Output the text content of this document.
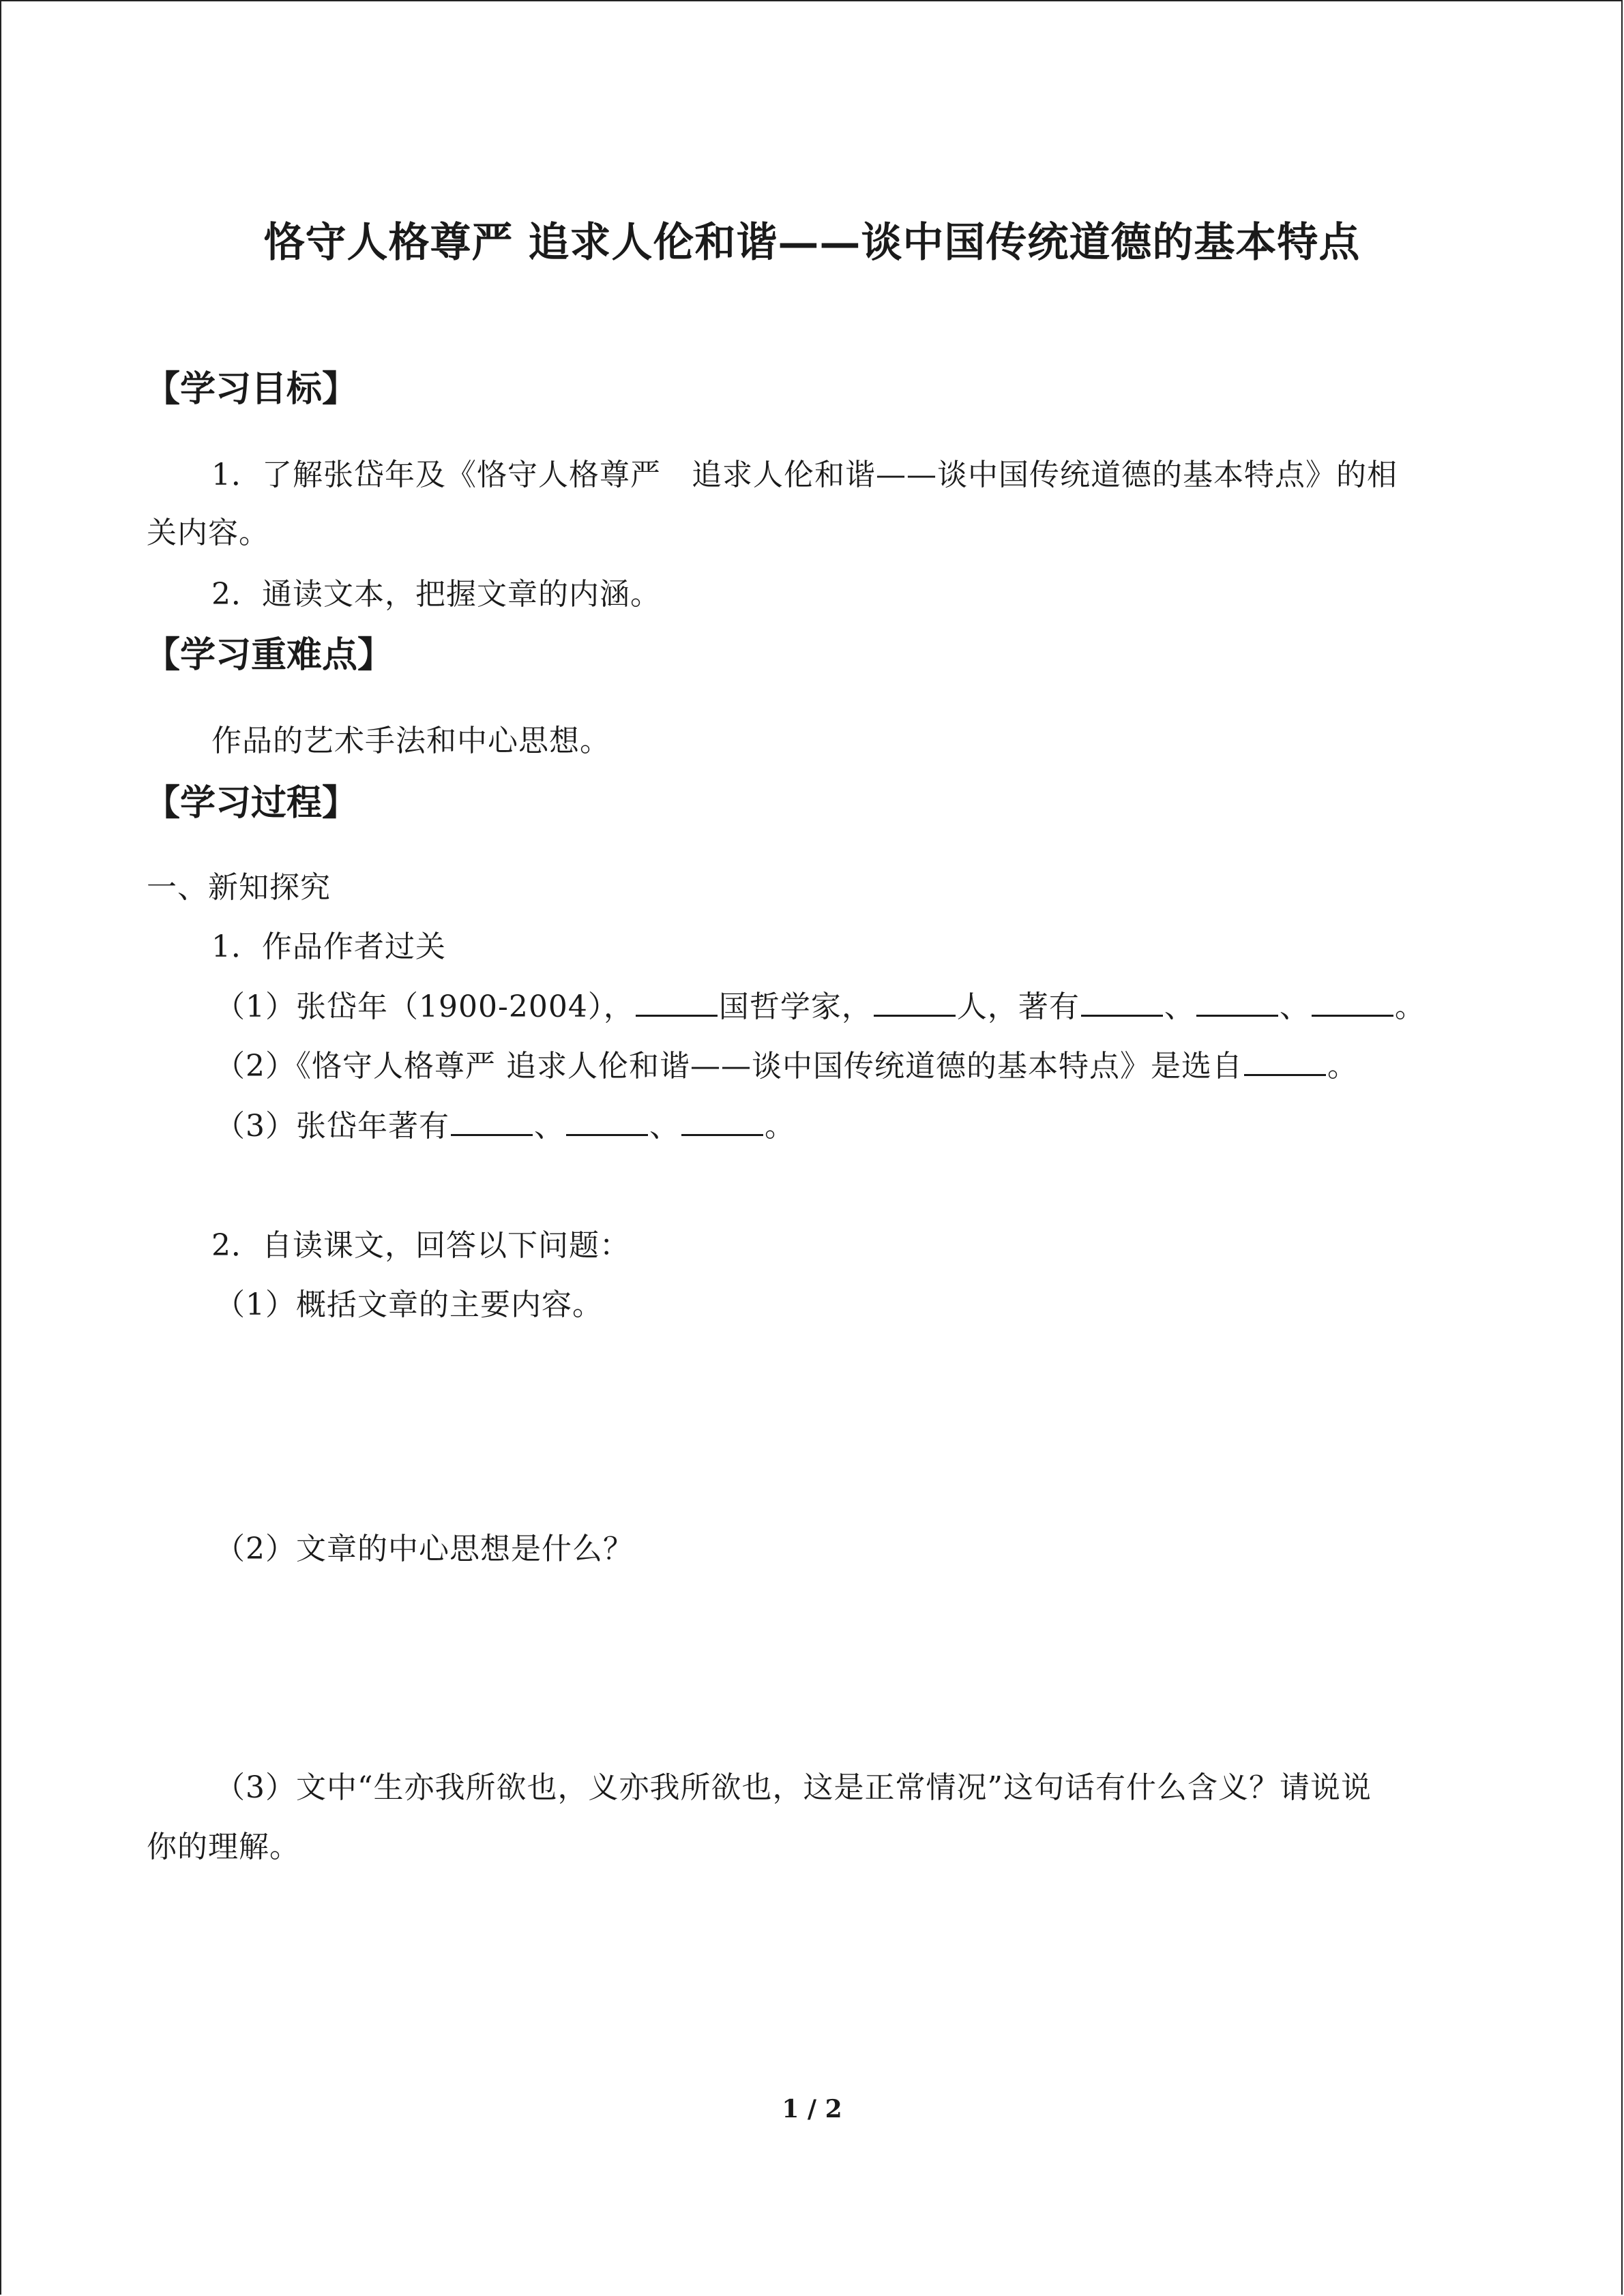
恪守人格尊严 追求人伦和谐——谈中国传统道德的基本特点
【学习目标】
1．了解张岱年及《恪守人格尊严　追求人伦和谐——谈中国传统道德的基本特点》的相
关内容。
2．通读文本，把握文章的内涵。
【学习重难点】
作品的艺术手法和中心思想。
【学习过程】
一、新知探究
1．作品作者过关
（1）张岱年（1900-2004），	国哲学家，	人，著有	、	、	。
（2）《恪守人格尊严 追求人伦和谐——谈中国传统道德的基本特点》是选自	。
（3）张岱年著有	、	、	。
2．自读课文，回答以下问题：
（1）概括文章的主要内容。
（2）文章的中心思想是什么？
（3）文中“生亦我所欲也，义亦我所欲也，这是正常情况”这句话有什么含义？请说说
你的理解。
1 / 2
